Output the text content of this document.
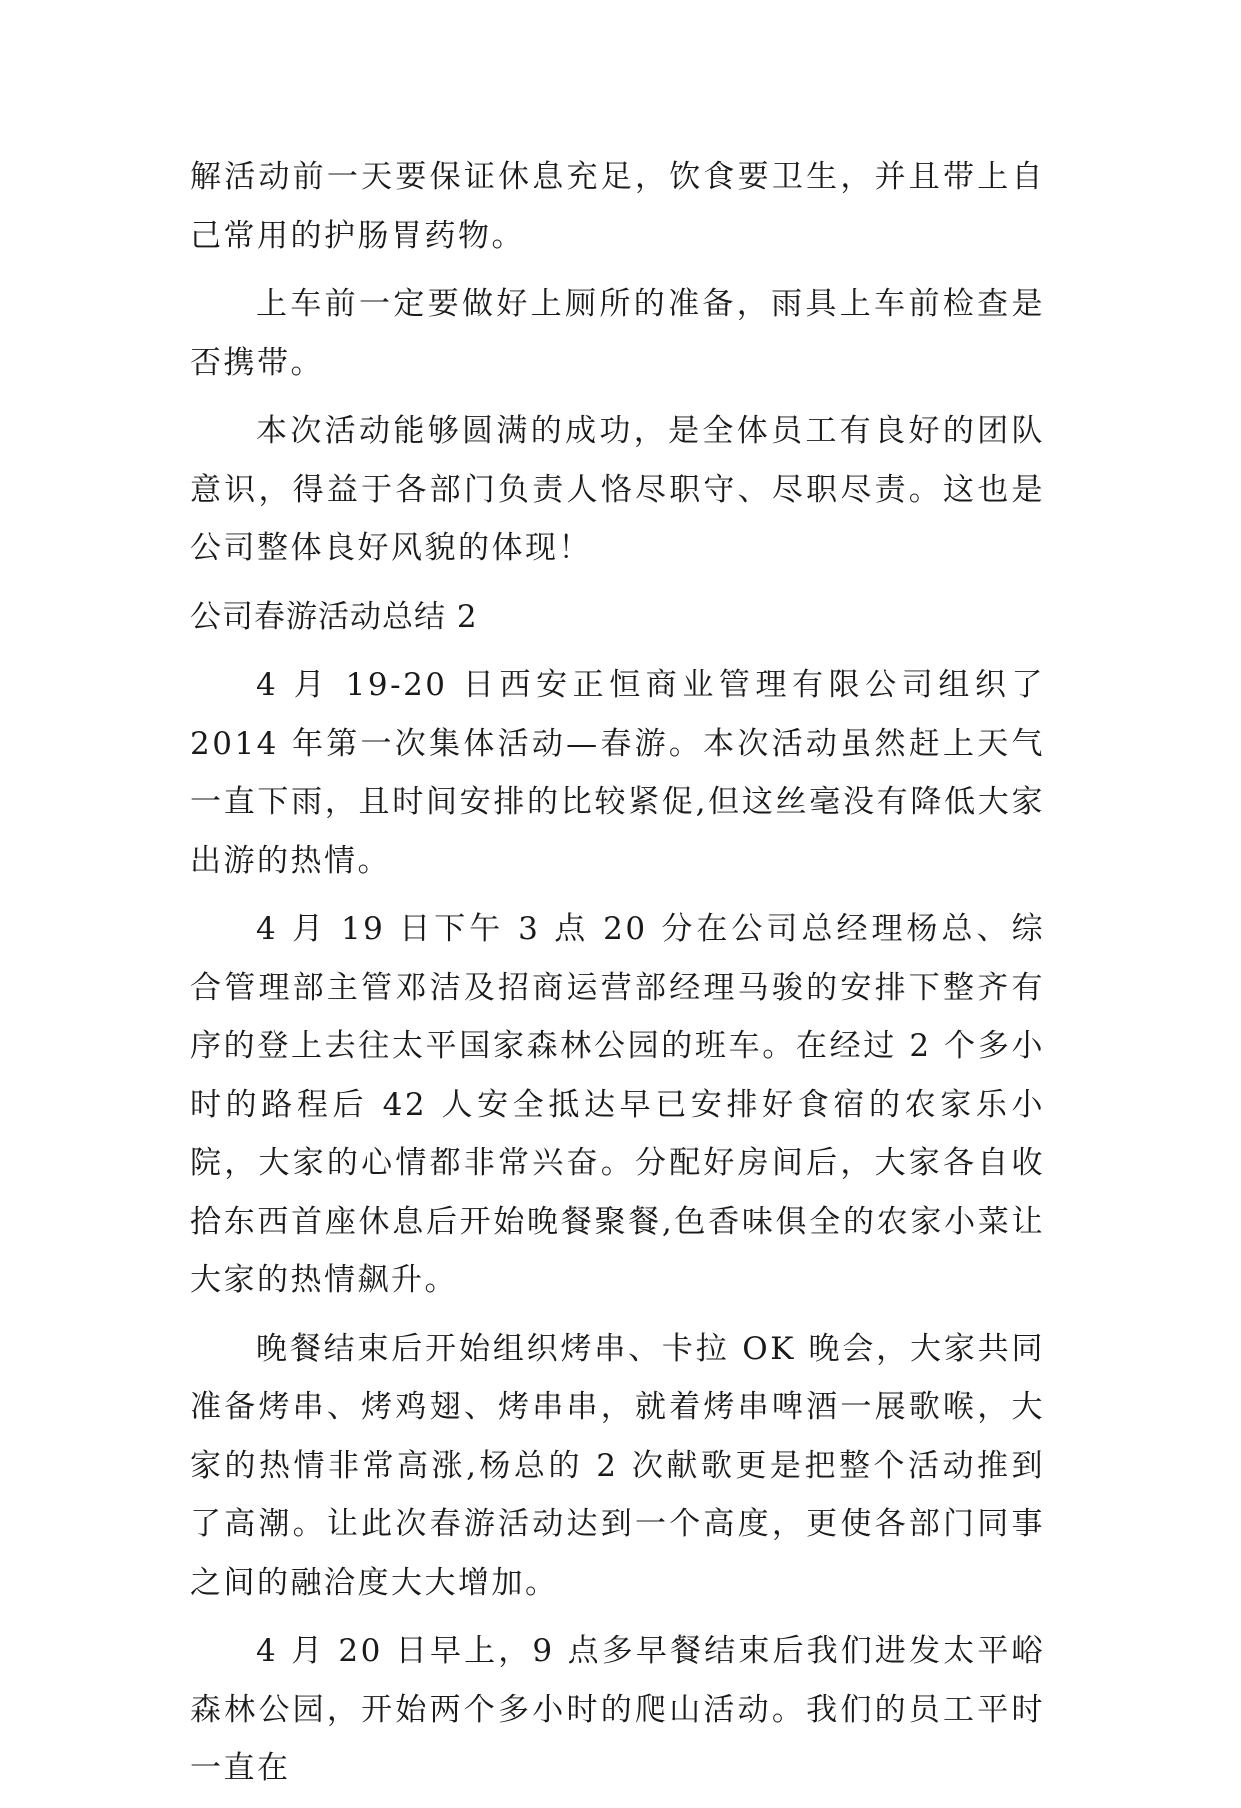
解活动前一天要保证休息充足，饮食要卫生，并且带上自己常用的护肠胃药物。

上车前一定要做好上厕所的准备，雨具上车前检查是否携带。

本次活动能够圆满的成功，是全体员工有良好的团队意识，得益于各部门负责人恪尽职守、尽职尽责。这也是公司整体良好风貌的体现！

公司春游活动总结 2

4 月 19-20 日西安正恒商业管理有限公司组织了 2014 年第一次集体活动—春游。本次活动虽然赶上天气一直下雨，且时间安排的比较紧促,但这丝毫没有降低大家出游的热情。

4 月 19 日下午 3 点 20 分在公司总经理杨总、综合管理部主管邓洁及招商运营部经理马骏的安排下整齐有序的登上去往太平国家森林公园的班车。在经过 2 个多小时的路程后 42 人安全抵达早已安排好食宿的农家乐小院，大家的心情都非常兴奋。分配好房间后，大家各自收拾东西首座休息后开始晚餐聚餐,色香味俱全的农家小菜让大家的热情飙升。

晚餐结束后开始组织烤串、卡拉 OK 晚会，大家共同准备烤串、烤鸡翅、烤串串，就着烤串啤酒一展歌喉，大家的热情非常高涨,杨总的 2 次献歌更是把整个活动推到了高潮。让此次春游活动达到一个高度，更使各部门同事之间的融洽度大大增加。

4 月 20 日早上，9 点多早餐结束后我们进发太平峪森林公园，开始两个多小时的爬山活动。我们的员工平时一直在
